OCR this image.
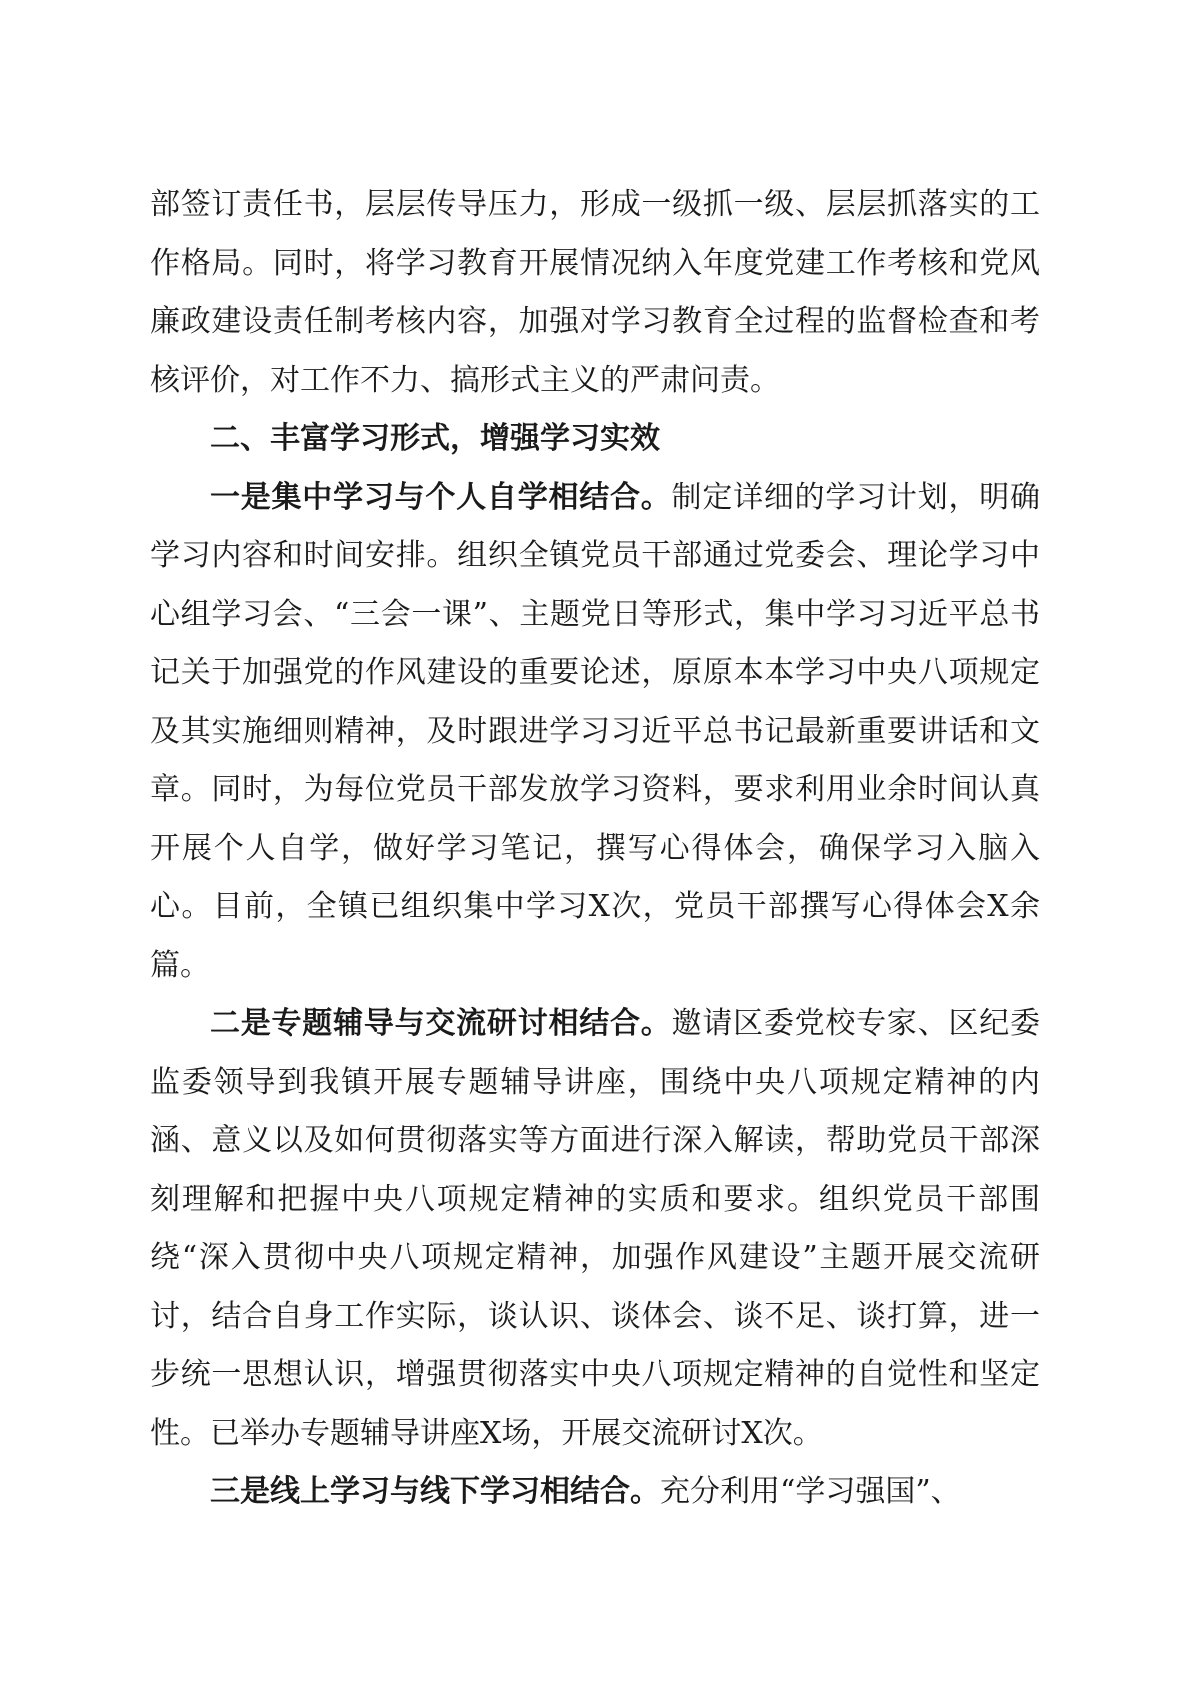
部签订责任书，层层传导压力，形成一级抓一级、层层抓落实的工作格局。同时，将学习教育开展情况纳入年度党建工作考核和党风廉政建设责任制考核内容，加强对学习教育全过程的监督检查和考核评价，对工作不力、搞形式主义的严肃问责。

二、丰富学习形式，增强学习实效

一是集中学习与个人自学相结合。制定详细的学习计划，明确学习内容和时间安排。组织全镇党员干部通过党委会、理论学习中心组学习会、“三会一课”、主题党日等形式，集中学习习近平总书记关于加强党的作风建设的重要论述，原原本本学习中央八项规定及其实施细则精神，及时跟进学习习近平总书记最新重要讲话和文章。同时，为每位党员干部发放学习资料，要求利用业余时间认真开展个人自学，做好学习笔记，撰写心得体会，确保学习入脑入心。目前，全镇已组织集中学习X次，党员干部撰写心得体会X余篇。

二是专题辅导与交流研讨相结合。邀请区委党校专家、区纪委监委领导到我镇开展专题辅导讲座，围绕中央八项规定精神的内涵、意义以及如何贯彻落实等方面进行深入解读，帮助党员干部深刻理解和把握中央八项规定精神的实质和要求。组织党员干部围绕“深入贯彻中央八项规定精神，加强作风建设”主题开展交流研讨，结合自身工作实际，谈认识、谈体会、谈不足、谈打算，进一步统一思想认识，增强贯彻落实中央八项规定精神的自觉性和坚定性。已举办专题辅导讲座X场，开展交流研讨X次。

三是线上学习与线下学习相结合。充分利用“学习强国”、
